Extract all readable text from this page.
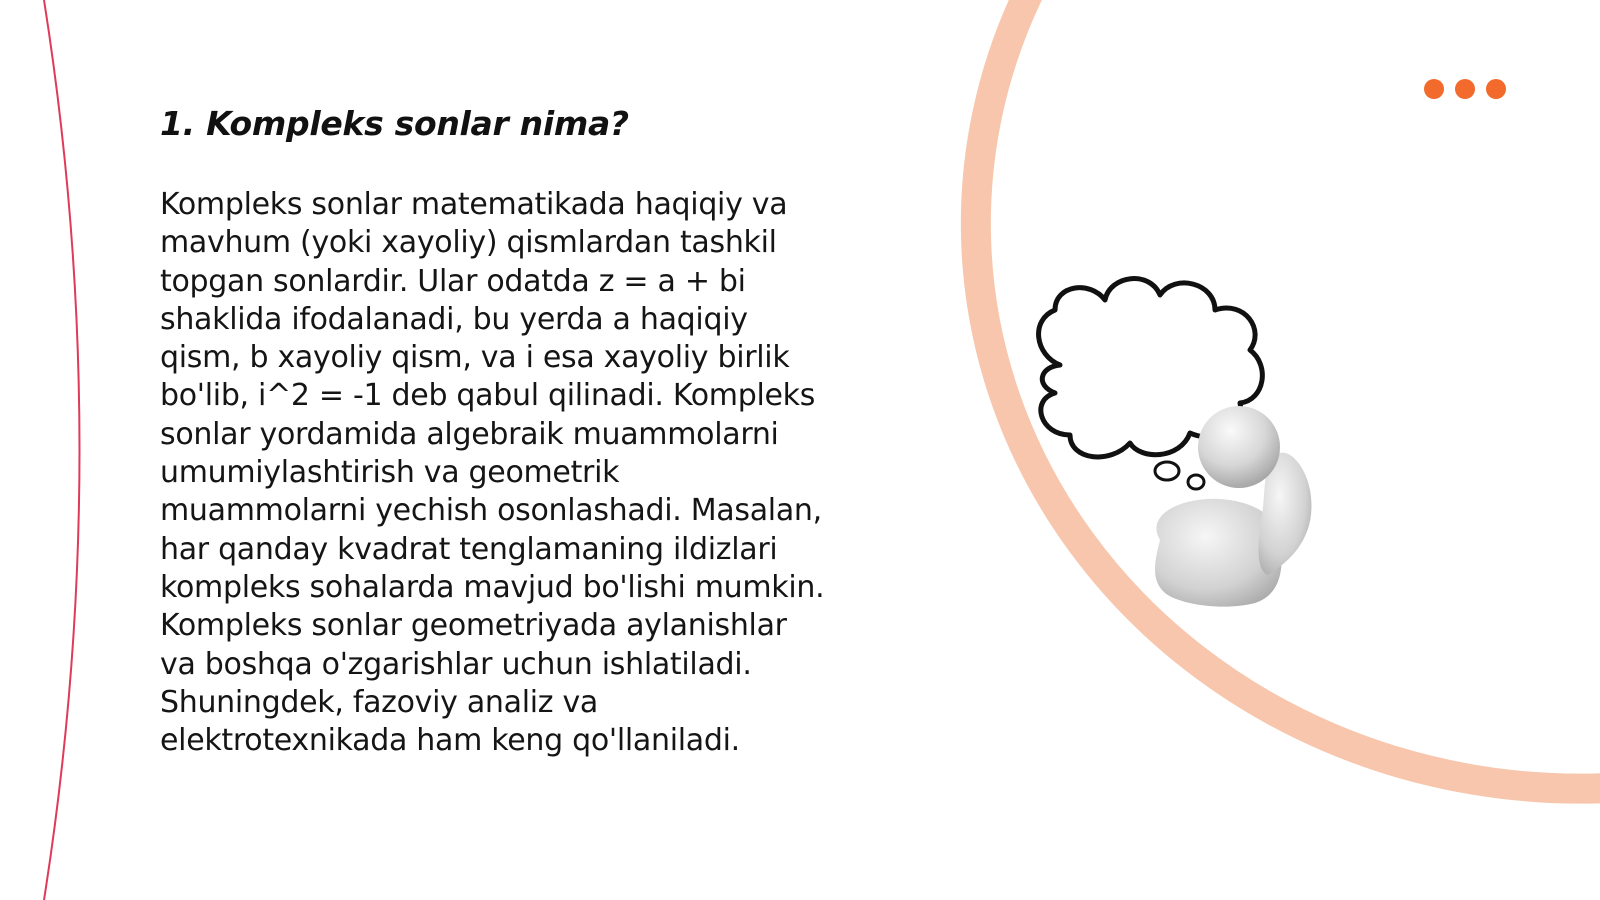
1. Kompleks sonlar nima?

Kompleks sonlar matematikada haqiqiy va
mavhum (yoki xayoliy) qismlardan tashkil
topgan sonlardir. Ular odatda z = a + bi
shaklida ifodalanadi, bu yerda a haqiqiy
qism, b xayoliy qism, va i esa xayoliy birlik
bo'lib, i^2 = -1 deb qabul qilinadi. Kompleks
sonlar yordamida algebraik muammolarni
umumiylashtirish va geometrik
muammolarni yechish osonlashadi. Masalan,
har qanday kvadrat tenglamaning ildizlari
kompleks sohalarda mavjud bo'lishi mumkin.
Kompleks sonlar geometriyada aylanishlar
va boshqa o'zgarishlar uchun ishlatiladi.
Shuningdek, fazoviy analiz va
elektrotexnikada ham keng qo'llaniladi.
